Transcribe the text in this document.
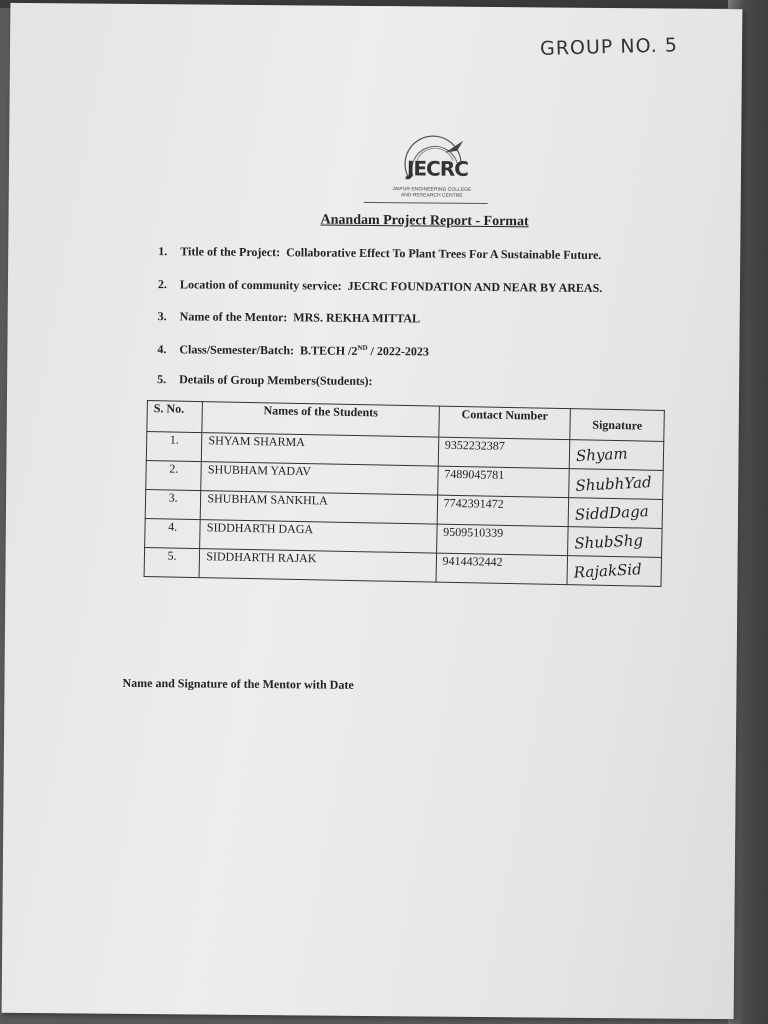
GROUP NO. 5
JECRC
JAIPUR ENGINEERING COLLEGE
AND RESEARCH CENTRE
Anandam Project Report - Format
1. Title of the Project: Collaborative Effect To Plant Trees For A Sustainable Future.
2. Location of community service: JECRC FOUNDATION AND NEAR BY AREAS.
3. Name of the Mentor: MRS. REKHA MITTAL
4. Class/Semester/Batch: B.TECH /2ND / 2022-2023
5. Details of Group Members(Students):
S. No.	Names of the Students	Contact Number	Signature
1.	SHYAM SHARMA	9352232387	Shyam
2.	SHUBHAM YADAV	7489045781	ShubhYad
3.	SHUBHAM SANKHLA	7742391472	SiddDaga
4.	SIDDHARTH DAGA	9509510339	ShubShg
5.	SIDDHARTH RAJAK	9414432442	RajakSid
Name and Signature of the Mentor with Date
